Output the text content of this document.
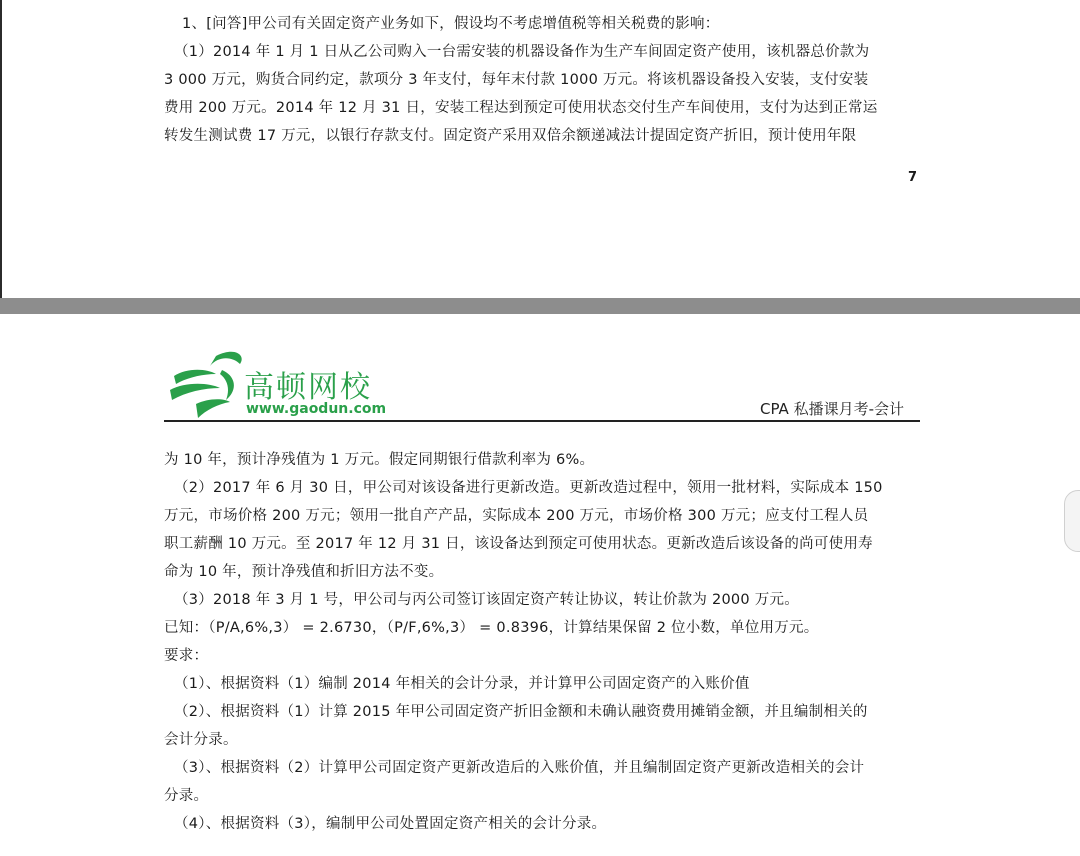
1、[问答]甲公司有关固定资产业务如下，假设均不考虑增值税等相关税费的影响：
（1）2014 年 1 月 1 日从乙公司购入一台需安装的机器设备作为生产车间固定资产使用，该机器总价款为
3 000 万元，购货合同约定，款项分 3 年支付，每年末付款 1000 万元。将该机器设备投入安装，支付安装
费用 200 万元。2014 年 12 月 31 日，安装工程达到预定可使用状态交付生产车间使用，支付为达到正常运
转发生测试费 17 万元，以银行存款支付。固定资产采用双倍余额递减法计提固定资产折旧，预计使用年限
7
高顿网校
www.gaodun.com	CPA 私播课月考-会计
为 10 年，预计净残值为 1 万元。假定同期银行借款利率为 6%。
（2）2017 年 6 月 30 日，甲公司对该设备进行更新改造。更新改造过程中，领用一批材料，实际成本 150
万元，市场价格 200 万元；领用一批自产产品，实际成本 200 万元，市场价格 300 万元；应支付工程人员
职工薪酬 10 万元。至 2017 年 12 月 31 日，该设备达到预定可使用状态。更新改造后该设备的尚可使用寿
命为 10 年，预计净残值和折旧方法不变。
（3）2018 年 3 月 1 号，甲公司与丙公司签订该固定资产转让协议，转让价款为 2000 万元。
已知：（P/A,6%,3） = 2.6730，（P/F,6%,3） = 0.8396，计算结果保留 2 位小数，单位用万元。
要求：
（1）、根据资料（1）编制 2014 年相关的会计分录，并计算甲公司固定资产的入账价值
（2）、根据资料（1）计算 2015 年甲公司固定资产折旧金额和未确认融资费用摊销金额，并且编制相关的
会计分录。
（3）、根据资料（2）计算甲公司固定资产更新改造后的入账价值，并且编制固定资产更新改造相关的会计
分录。
（4）、根据资料（3），编制甲公司处置固定资产相关的会计分录。
